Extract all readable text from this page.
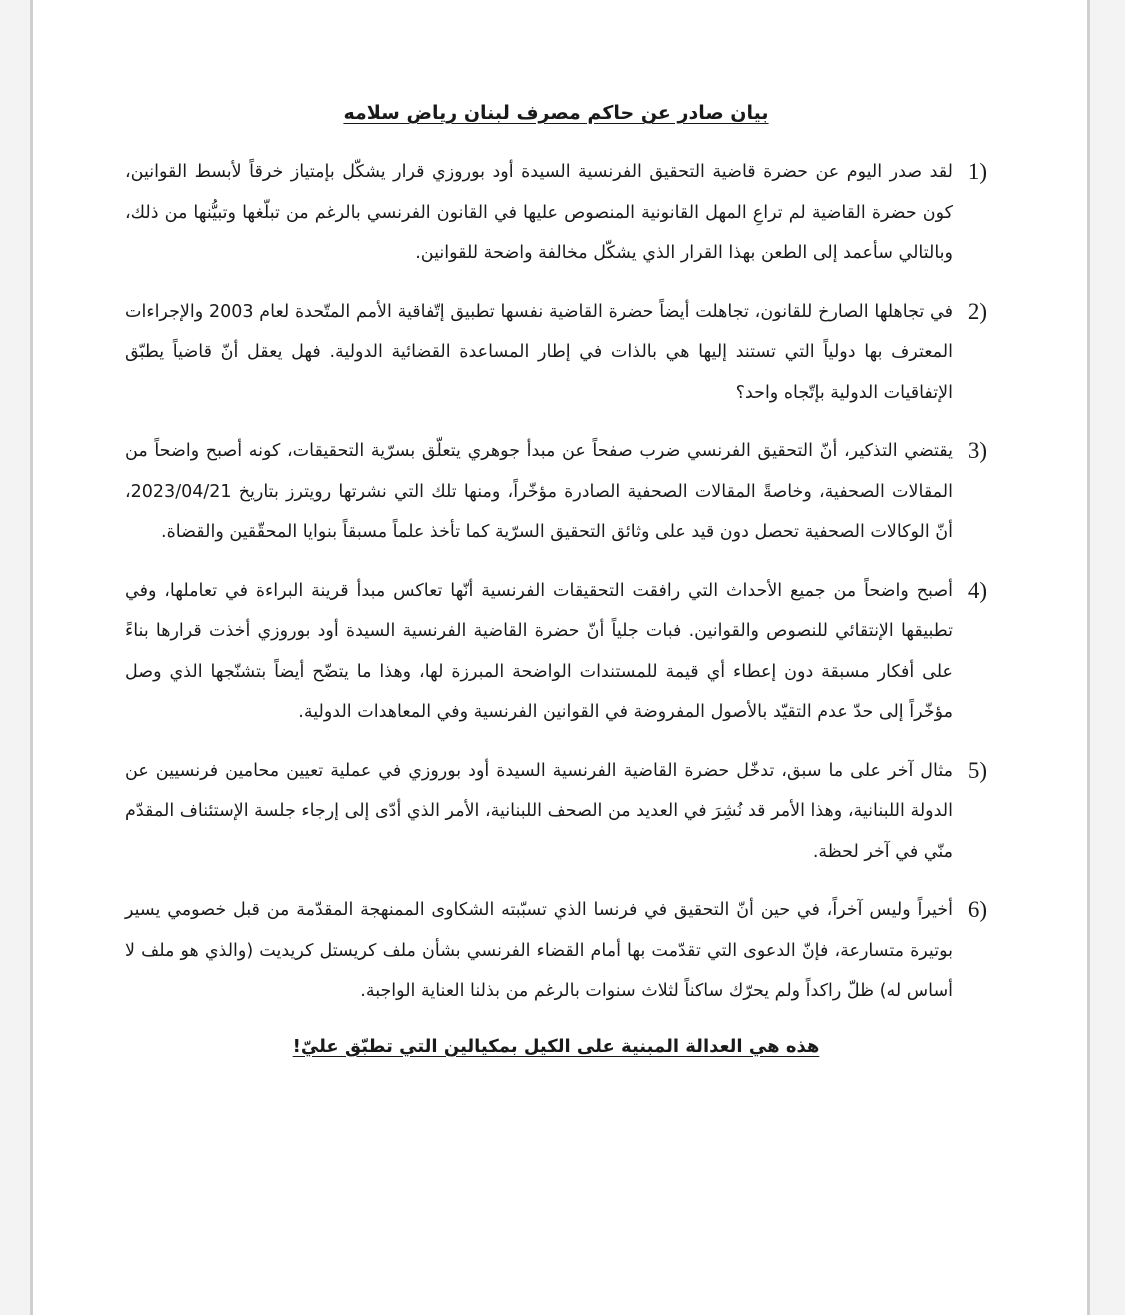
بيان صادر عن حاكم مصرف لبنان رياض سلامه
1)
لقد صدر اليوم عن حضرة قاضية التحقيق الفرنسية السيدة أود بوروزي قرار يشكّل بإمتياز خرقاً لأبسط القوانين، كون حضرة القاضية لم تراعِ المهل القانونية المنصوص عليها في القانون الفرنسي بالرغم من تبلّغها وتبيُّنها من ذلك، وبالتالي سأعمد إلى الطعن بهذا القرار الذي يشكّل مخالفة واضحة للقوانين.
2)
في تجاهلها الصارخ للقانون، تجاهلت أيضاً حضرة القاضية نفسها تطبيق إتّفاقية الأمم المتّحدة لعام 2003 والإجراءات المعترف بها دولياً التي تستند إليها هي بالذات في إطار المساعدة القضائية الدولية. فهل يعقل أنّ قاضياً يطبّق الإتفاقيات الدولية بإتّجاه واحد؟
3)
يقتضي التذكير، أنّ التحقيق الفرنسي ضرب صفحاً عن مبدأ جوهري يتعلّق بسرّية التحقيقات، كونه أصبح واضحاً من المقالات الصحفية، وخاصةً المقالات الصحفية الصادرة مؤخّراً، ومنها تلك التي نشرتها رويترز بتاريخ 2023/04/21، أنّ الوكالات الصحفية تحصل دون قيد على وثائق التحقيق السرّية كما تأخذ علماً مسبقاً بنوايا المحقّقين والقضاة.
4)
أصبح واضحاً من جميع الأحداث التي رافقت التحقيقات الفرنسية أنّها تعاكس مبدأ قرينة البراءة في تعاملها، وفي تطبيقها الإنتقائي للنصوص والقوانين. فبات جلياً أنّ حضرة القاضية الفرنسية السيدة أود بوروزي أخذت قرارها بناءً على أفكار مسبقة دون إعطاء أي قيمة للمستندات الواضحة المبرزة لها، وهذا ما يتضّح أيضاً بتشنّجها الذي وصل مؤخّراً إلى حدّ عدم التقيّد بالأصول المفروضة في القوانين الفرنسية وفي المعاهدات الدولية.
5)
مثال آخر على ما سبق، تدخّل حضرة القاضية الفرنسية السيدة أود بوروزي في عملية تعيين محامين فرنسيين عن الدولة اللبنانية، وهذا الأمر قد نُشِرَ في العديد من الصحف اللبنانية، الأمر الذي أدّى إلى إرجاء جلسة الإستئناف المقدّم منّي في آخر لحظة.
6)
أخيراً وليس آخراً، في حين أنّ التحقيق في فرنسا الذي تسبّبته الشكاوى الممنهجة المقدّمة من قبل خصومي يسير بوتيرة متسارعة، فإنّ الدعوى التي تقدّمت بها أمام القضاء الفرنسي بشأن ملف كريستل كريديت (والذي هو ملف لا أساس له) ظلّ راكداً ولم يحرّك ساكناً لثلاث سنوات بالرغم من بذلنا العناية الواجبة.
هذه هي العدالة المبنية على الكيل بمكيالين التي تطبّق عليّ!
